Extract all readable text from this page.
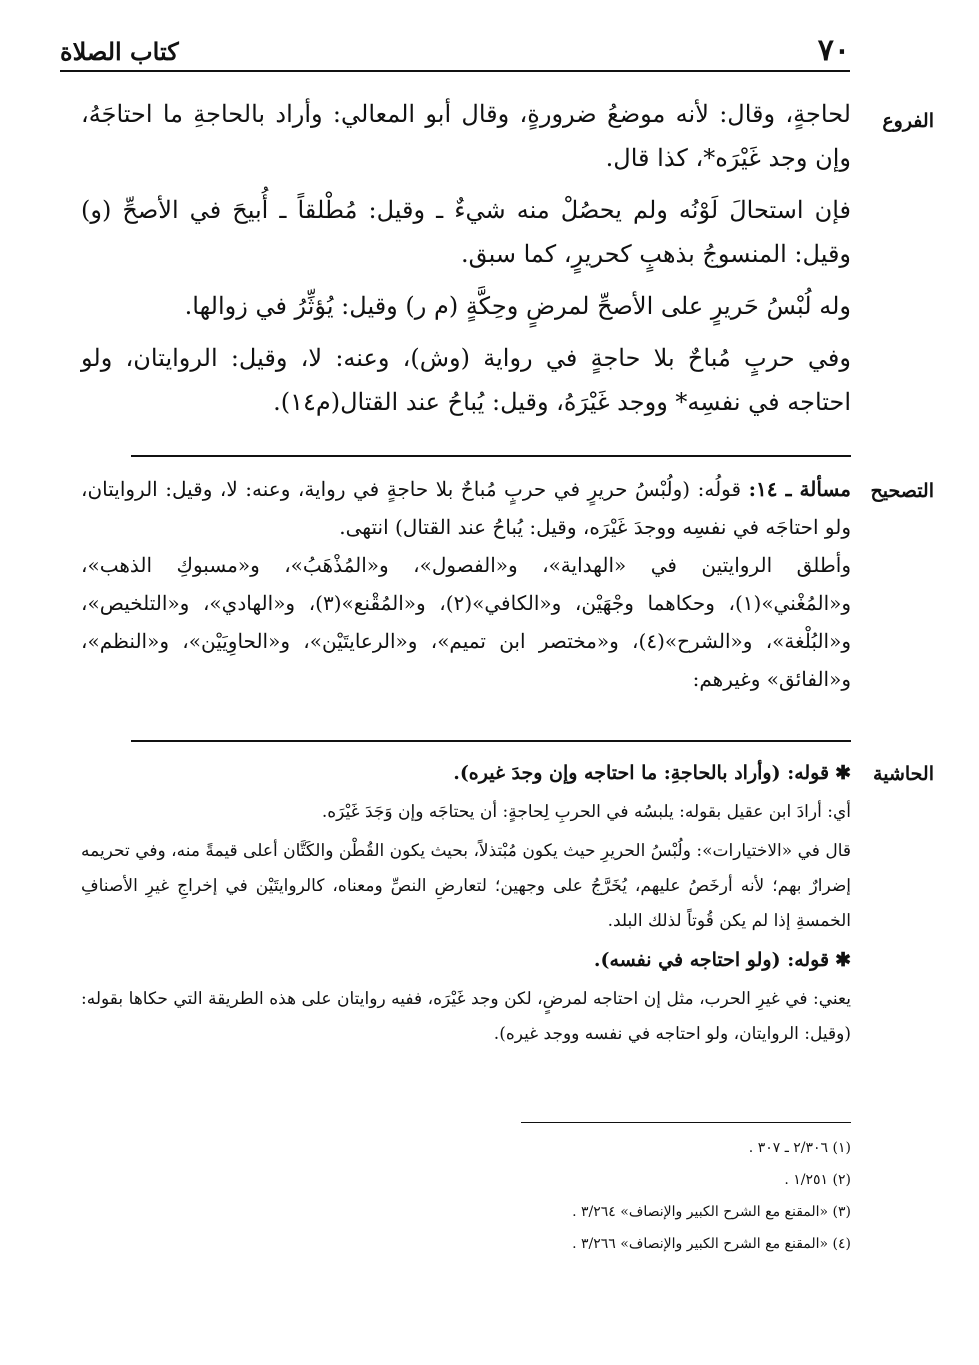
٧٠
كتاب الصلاة
الفروع

لحاجةٍ، وقال: لأنه موضعُ ضرورةٍ، وقال أبو المعالي: وأراد بالحاجةِ ما احتاجَهُ، وإن وجد غَيْرَه*، كذا قال.

فإن استحالَ لَوْنُه ولم يحصُلْ منه شيءٌ ـ وقيل: مُطْلقاً ـ أُبيحَ في الأصحِّ (و) وقيل: المنسوجُ بذهبٍ كحريرٍ، كما سبق.

وله لُبْسُ حَريرٍ على الأصحِّ لمرضٍ وحِكَّةٍ (م ر) وقيل: يُؤثِّرُ في زوالها.

وفي حربٍ مُباحٌ بلا حاجةٍ في رواية (وش)، وعنه: لا، وقيل: الروايتان، ولو احتاجه في نفسِه* ووجد غَيْرَهُ، وقيل: يُباحُ عند القتال(م١٤).

التصحيح

مسألة ـ ١٤: قولُه: (ولُبْسُ حريرٍ في حربٍ مُباحٌ بلا حاجةٍ في رواية، وعنه: لا، وقيل: الروايتان، ولو احتاجَه في نفسِه ووجدَ غَيْرَه، وقيل: يُباحُ عند القتال) انتهى.

وأطلق الروايتين في «الهداية»، و«الفصول»، و«المُذْهَبُ»، و«مسبوكِ الذهب»، و«المُغْني»(١)، وحكاهما وجْهَيْن، و«الكافي»(٢)، و«المُقْنع»(٣)، و«الهادي»، و«التلخيص»، و«البُلْغة»، و«الشرح»(٤)، و«مختصر ابن تميم»، و«الرعايتَيْن»، و«الحاوِيَيْن»، و«النظم»، و«الفائق» وغيرهم:

الحاشية

✱قوله: (وأراد بالحاجةِ: ما احتاجه وإن وجدَ غيره).

أي: أرادَ ابن عقيل بقوله: يلبسُه في الحربِ لِحاجةٍ: أن يحتاجَه وإن وَجَدَ غَيْرَه.

قال في «الاختيارات»: ولُبْسُ الحريرِ حيث يكون مُبْتذلاً، بحيث يكون القُطْن والكَتَّان أعلى قيمةً منه، وفي تحريمه إضرارٌ بهم؛ لأنه أرخَصُ عليهم، يُخَرَّجُ على وجهين؛ لتعارضِ النصِّ ومعناه، كالروايتَيْن في إخراجِ غيرِ الأصنافِ الخمسةِ إذا لم يكن قُوتاً لذلك البلد.

✱قوله: (ولو احتاجه في نفسه).

يعني: في غيرِ الحرب، مثل إن احتاجه لمرضٍ، لكن وجد غَيْرَه، ففيه روايتان على هذه الطريقة التي حكاها بقوله: (وقيل: الروايتان، ولو احتاجه في نفسه ووجد غيره).

(١) ٢/٣٠٦ ـ ٣٠٧ .
(٢) ١/٢٥١ .
(٣) «المقنع مع الشرح الكبير والإنصاف» ٣/٢٦٤ .
(٤) «المقنع مع الشرح الكبير والإنصاف» ٣/٢٦٦ .
